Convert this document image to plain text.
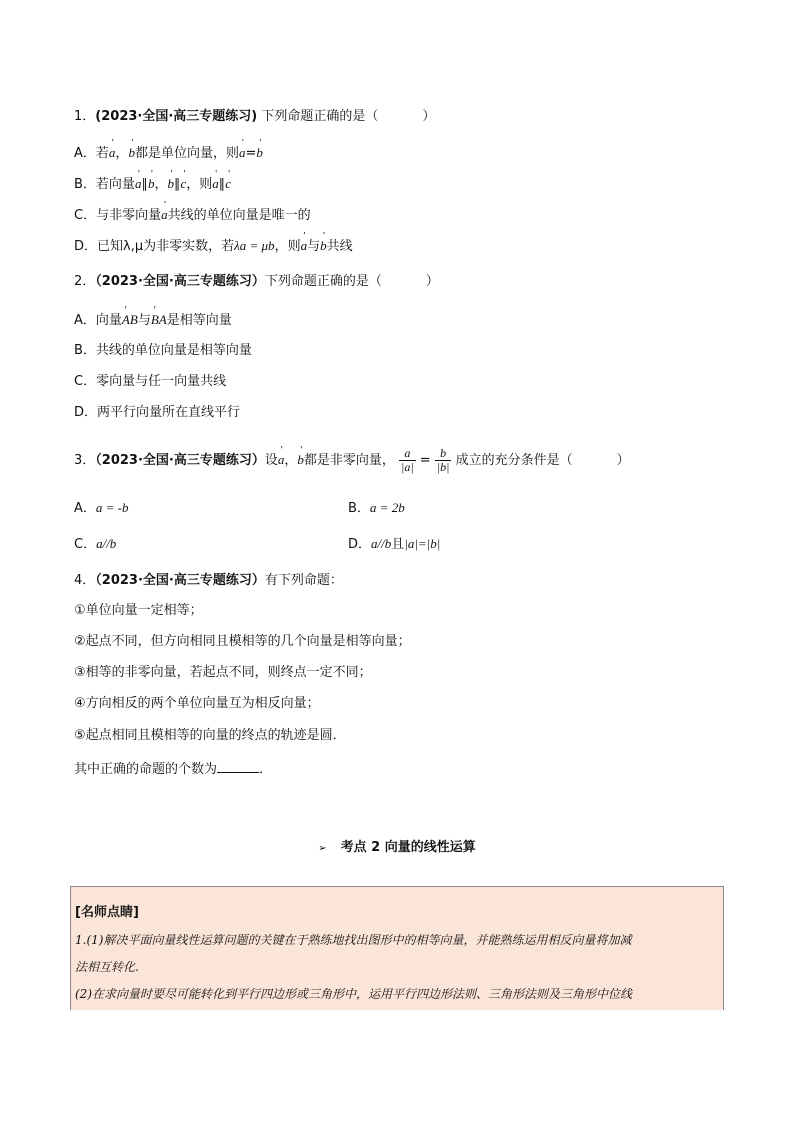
1．(2023·全国·高三专题练习) 下列命题正确的是（	）
A．若' a，' b都是单位向量，则' a=' b
B．若向量' a∥' b，' b∥' c，则' a∥' c
C．与非零向量' a共线的单位向量是唯一的
D．已知λ,μ为非零实数，若λa = μb，则' a与' b共线
2．（2023·全国·高三专题练习）下列命题正确的是（	）
A．向量' AB与' BA是相等向量
B．共线的单位向量是相等向量
C．零向量与任一向量共线
D．两平行向量所在直线平行
3．（2023·全国·高三专题练习）设' a，' b都是非零向量， $\frac{a}{|a|} = \frac{b}{|b|}$ 成立的充分条件是（	）
A．a = -b	B．a = 2b
C．a//b	D．a//b且|a|=|b|
4．（2023·全国·高三专题练习）有下列命题：
①单位向量一定相等；
②起点不同，但方向相同且模相等的几个向量是相等向量；
③相等的非零向量，若起点不同，则终点一定不同；
④方向相反的两个单位向量互为相反向量；
⑤起点相同且模相等的向量的终点的轨迹是圆．
其中正确的命题的个数为	．
➢ 考点 2 向量的线性运算
[名师点睛]
1.(1)解决平面向量线性运算问题的关键在于熟练地找出图形中的相等向量，并能熟练运用相反向量将加减
法相互转化.
(2)在求向量时要尽可能转化到平行四边形或三角形中，运用平行四边形法则、三角形法则及三角形中位线
